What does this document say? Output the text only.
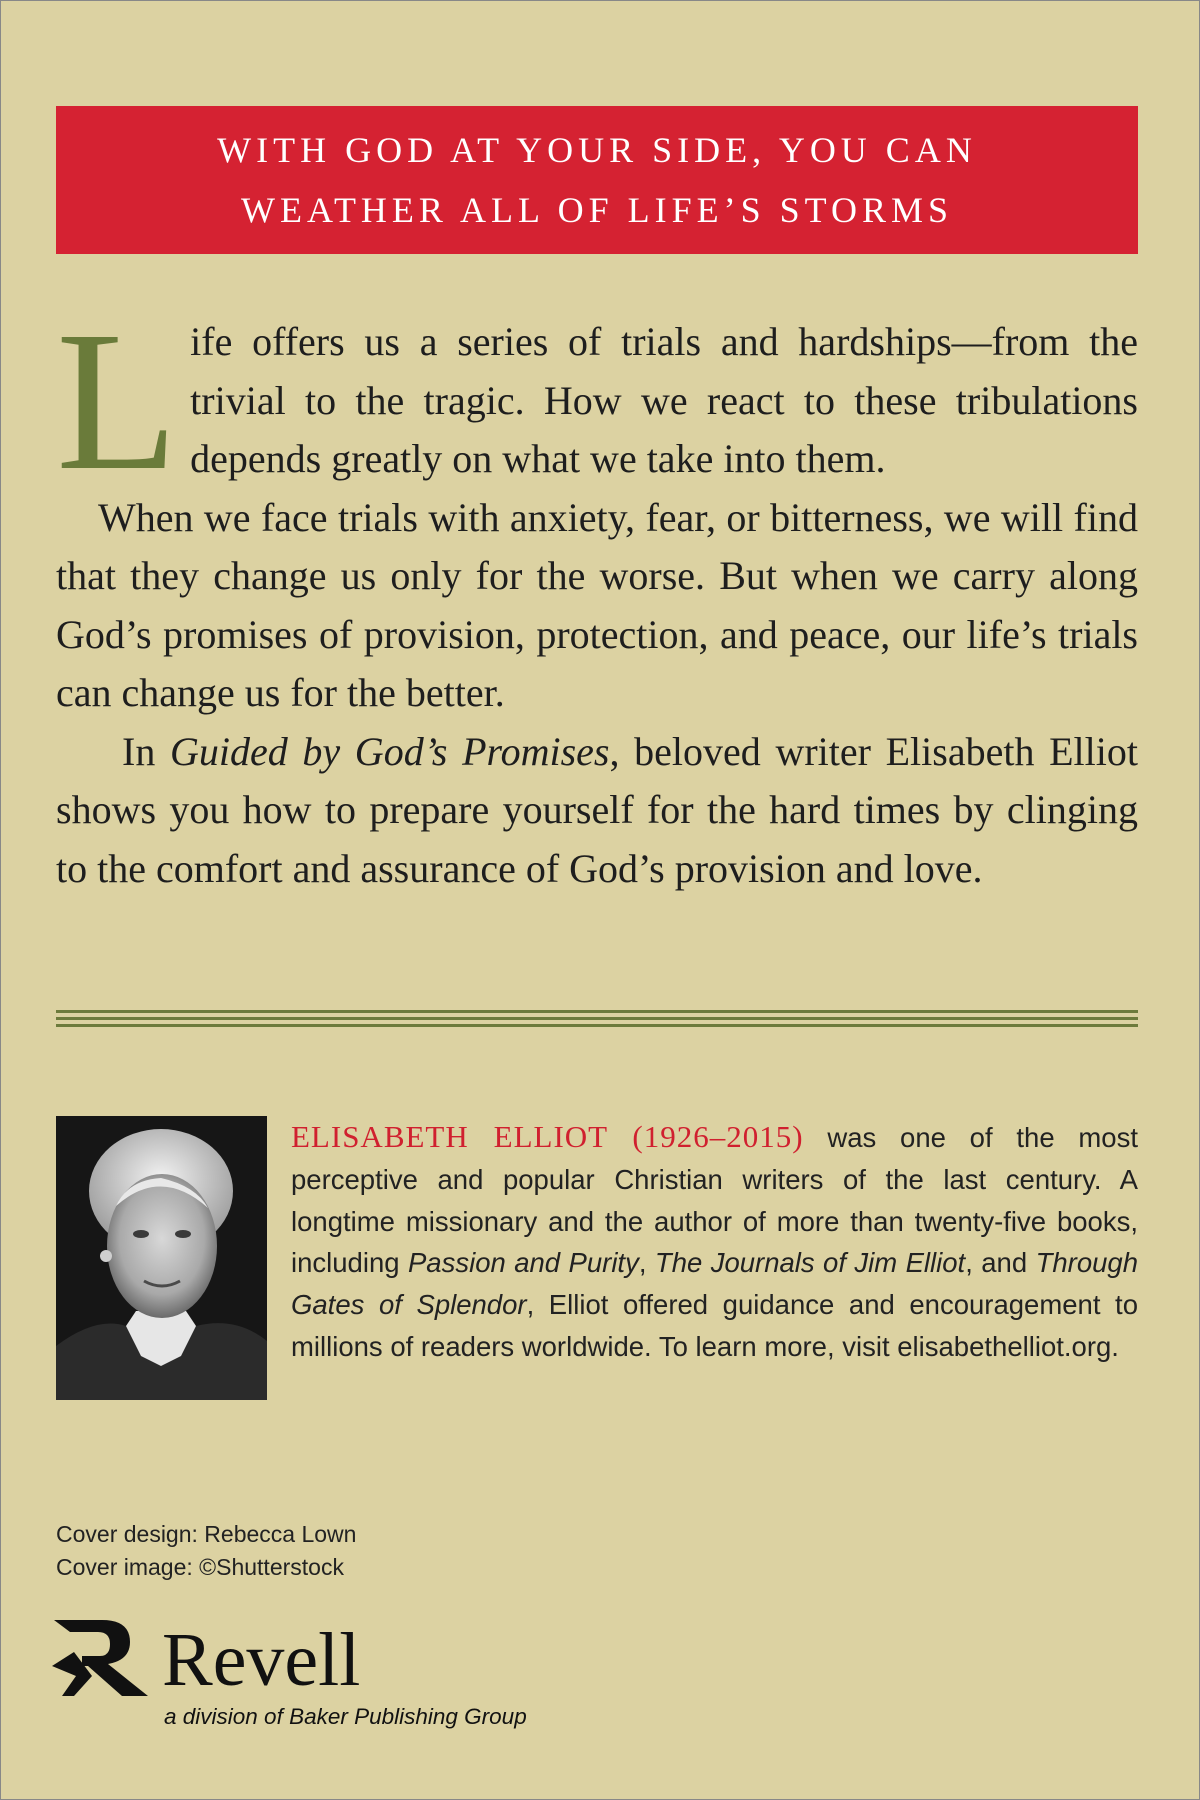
WITH GOD AT YOUR SIDE, YOU CAN
WEATHER ALL OF LIFE’S STORMS

Life offers us a series of trials and hardships—from the trivial to the tragic. How we react to these tribulations depends greatly on what we take into them.

When we face trials with anxiety, fear, or bitterness, we will find that they change us only for the worse. But when we carry along God’s promises of provision, protection, and peace, our life’s trials can change us for the better.

In Guided by God’s Promises, beloved writer Elisabeth Elliot shows you how to prepare yourself for the hard times by clinging to the comfort and assurance of God’s provision and love.

ELISABETH ELLIOT (1926–2015) was one of the most perceptive and popular Christian writers of the last century. A longtime missionary and the author of more than twenty-five books, including Passion and Purity, The Journals of Jim Elliot, and Through Gates of Splendor, Elliot offered guidance and encouragement to millions of readers worldwide. To learn more, visit elisabethelliot.org.
Cover design: Rebecca Lown
Cover image: ©Shutterstock
Revell
a division of Baker Publishing Group
